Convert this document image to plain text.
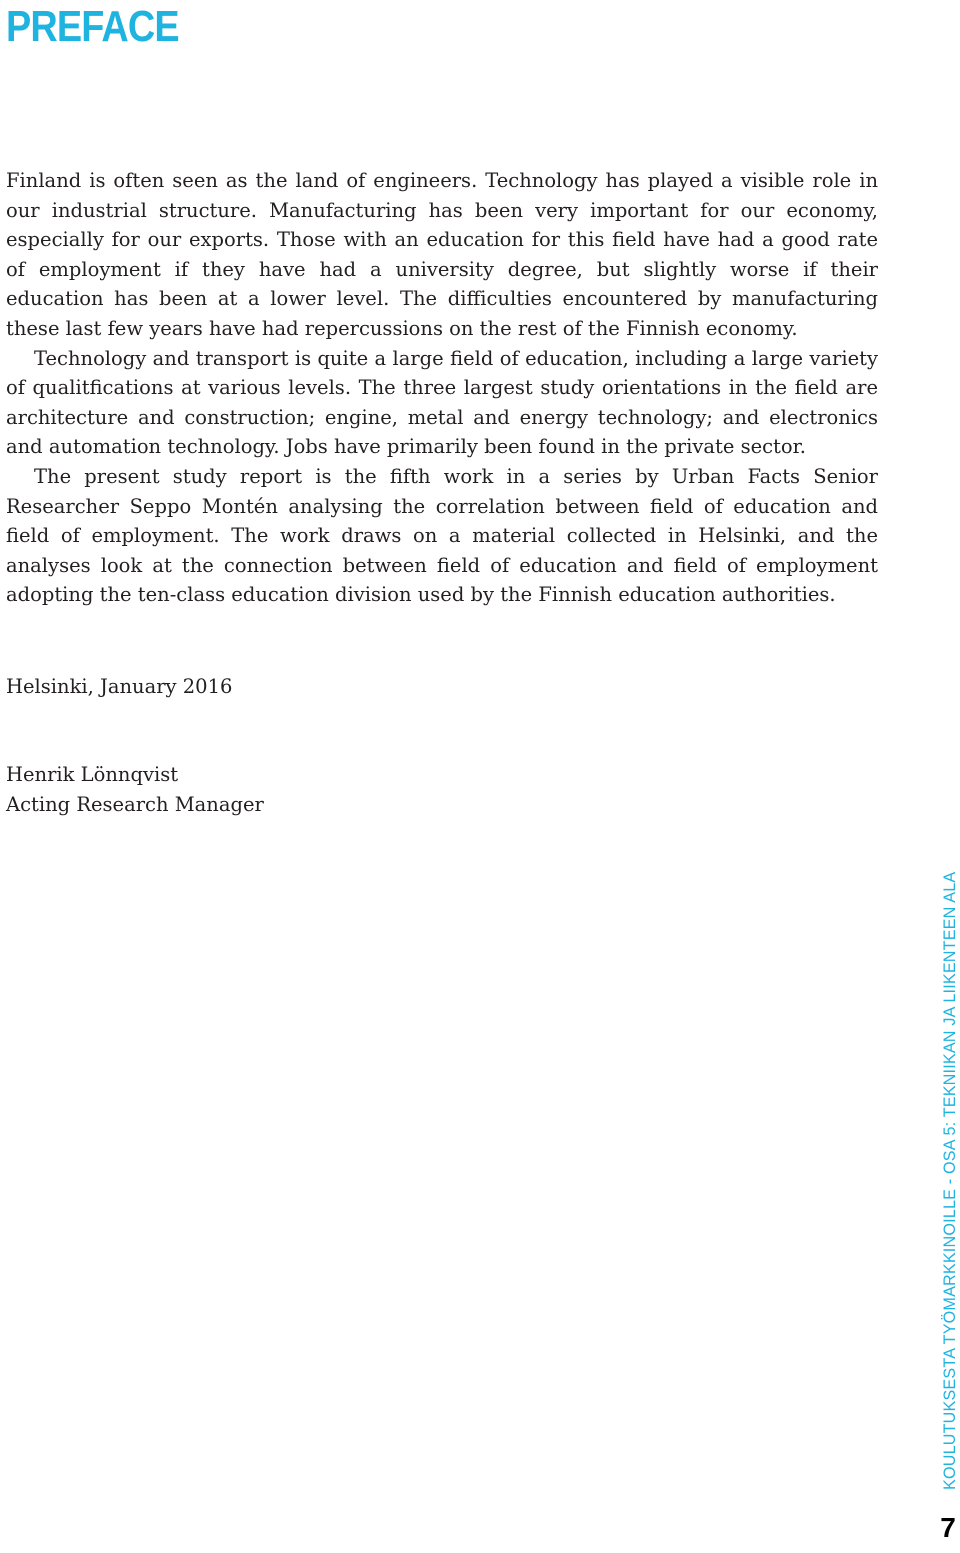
PREFACE

Finland is often seen as the land of engineers. Technology has played a visible role in our industrial structure. Manufacturing has been very important for our economy, especially for our exports. Those with an education for this field have had a good rate of employment if they have had a university degree, but slightly worse if their education has been at a lower level. The difficulties encountered by manufacturing these last few years have had repercussions on the rest of the Finnish economy.

Technology and transport is quite a large field of education, including a large variety of qualitfications at various levels. The three largest study orientations in the field are architecture and construction; engine, metal and energy technology; and electronics and automation technology. Jobs have primarily been found in the private sector.

The present study report is the fifth work in a series by Urban Facts Senior Researcher Seppo Montén analysing the correlation between field of education and field of employment. The work draws on a material collected in Helsinki, and the analyses look at the connection between field of education and field of employment adopting the ten-class education division used by the Finnish education authorities.

Helsinki, January 2016
Henrik Lönnqvist
Acting Research Manager
KOULUTUKSESTA TYÖMARKKINOILLE - OSA 5: TEKNIIKAN JA LIIKENTEEN ALA
7
